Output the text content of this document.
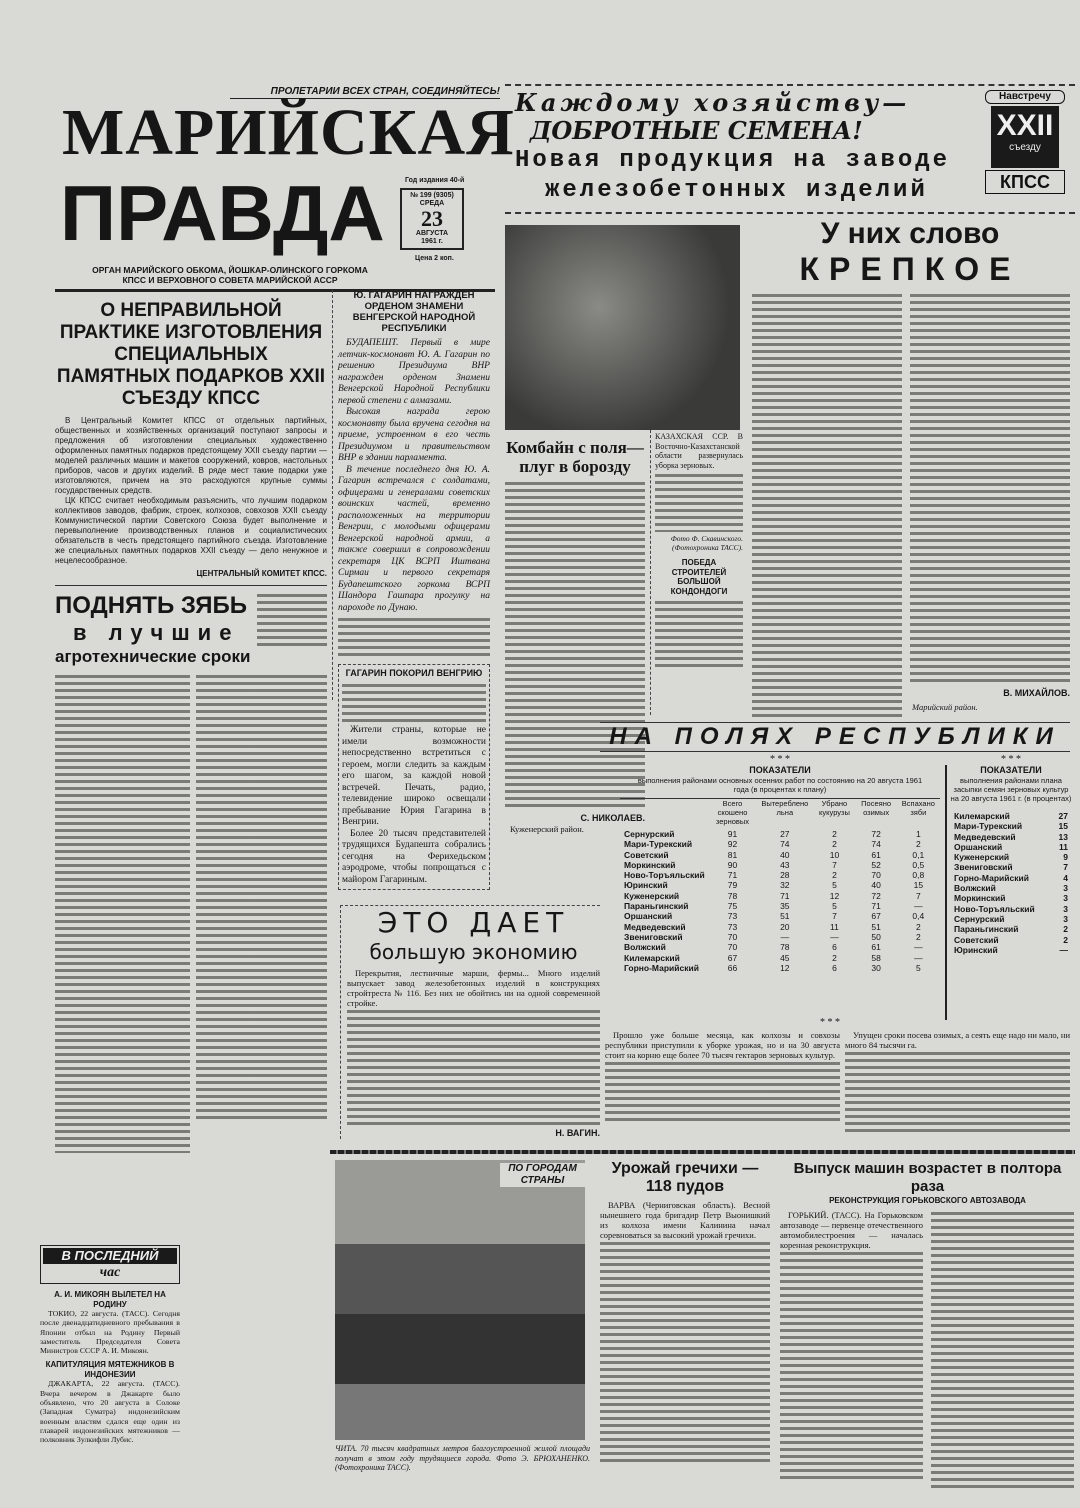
ПРОЛЕТАРИИ ВСЕХ СТРАН, СОЕДИНЯЙТЕСЬ!
МАРИЙСКАЯ
ПРАВДА	Год издания 40-й
№ 199 (9305)
СРЕДА
23
АВГУСТА
1961 г.
Цена 2 коп.
ОРГАН МАРИЙСКОГО ОБКОМА, ЙОШКАР-ОЛИНСКОГО ГОРКОМА КПСС И ВЕРХОВНОГО СОВЕТА МАРИЙСКОЙ АССР
О НЕПРАВИЛЬНОЙ ПРАКТИКЕ ИЗГОТОВЛЕНИЯ СПЕЦИАЛЬНЫХ ПАМЯТНЫХ ПОДАРКОВ XXII СЪЕЗДУ КПСС

В Центральный Комитет КПСС от отдельных партийных, общественных и хозяйственных организаций поступают запросы и предложения об изготовлении специальных художественно оформленных памятных подарков предстоящему XXII съезду партии — моделей различных машин и макетов сооружений, ковров, настольных приборов, часов и других изделий. В ряде мест такие подарки уже изготовляются, причем на это расходуются крупные суммы государственных средств.

ЦК КПСС считает необходимым разъяснить, что лучшим подарком коллективов заводов, фабрик, строек, колхозов, совхозов XXII съезду Коммунистической партии Советского Союза будет выполнение и перевыполнение производственных планов и социалистических обязательств в честь предстоящего партийного съезда. Изготовление же специальных памятных подарков XXII съезду — дело ненужное и нецелесообразное.

ЦЕНТРАЛЬНЫЙ КОМИТЕТ КПСС.

ПОДНЯТЬ ЗЯБЬ
в лучшие
агротехнические сроки
Ю. ГАГАРИН НАГРАЖДЕН ОРДЕНОМ ЗНАМЕНИ ВЕНГЕРСКОЙ НАРОДНОЙ РЕСПУБЛИКИ

БУДАПЕШТ. Первый в мире летчик-космонавт Ю. А. Гагарин по решению Президиума ВНР награжден орденом Знамени Венгерской Народной Республики первой степени с алмазами.

Высокая награда герою космонавту была вручена сегодня на приеме, устроенном в его честь Президиумом и правительством ВНР в здании парламента.

В течение последнего дня Ю. А. Гагарин встречался с солдатами, офицерами и генералами советских воинских частей, временно расположенных на территории Венгрии, с молодыми офицерами Венгерской народной армии, а также совершил в сопровождении секретаря ЦК ВСРП Иштвана Сирмаи и первого секретаря Будапештского горкома ВСРП Шандора Гашпара прогулку на пароходе по Дунаю.

ГАГАРИН ПОКОРИЛ ВЕНГРИЮ

Жители страны, которые не имели возможности непосредственно встретиться с героем, могли следить за каждым его шагом, за каждой новой встречей. Печать, радио, телевидение широко освещали пребывание Юрия Гагарина в Венгрии.

Более 20 тысяч представителей трудящихся Будапешта собрались сегодня на Ферихедьском аэродроме, чтобы попрощаться с майором Гагариным.

Каждому хозяйству—
ДОБРОТНЫЕ СЕМЕНА!
Новая продукция на заводе
железобетонных изделий
Навстречу
XXII
съезду
КПСС
Комбайн с поля— плуг в борозду
С. НИКОЛАЕВ.
Куженерский район.
КАЗАХСКАЯ ССР. В Восточно-Казахстанской области развернулась уборка зерновых.
Фото Ф. Скавинского. (Фотохроника ТАСС).
ПОБЕДА СТРОИТЕЛЕЙ БОЛЬШОЙ КОНДОНДОГИ
У них слово
КРЕПКОЕ
В. МИХАЙЛОВ.
Марийский район.
НА ПОЛЯХ РЕСПУБЛИКИ
* * *
ПОКАЗАТЕЛИ
выполнения районами основных осенних работ по состоянию на 20 августа 1961 года (в процентах к плану)
	Всего скошено зерновых	Вытереблено льна	Убрано кукурузы	Посеяно озимых	Вспахано зяби
Сернурский	91	27	2	72	1
Мари-Турекский	92	74	2	74	2
Советский	81	40	10	61	0,1
Моркинский	90	43	7	52	0,5
Ново-Торъяльский	71	28	2	70	0,8
Юринский	79	32	5	40	15
Куженерский	78	71	12	72	7
Параньгинский	75	35	5	71	—
Оршанский	73	51	7	67	0,4
Медведевский	73	20	11	51	2
Звениговский	70	—	—	50	2
Волжский	70	78	6	61	—
Килемарский	67	45	2	58	—
Горно-Марийский	66	12	6	30	5
* * *
ПОКАЗАТЕЛИ
выполнения районами плана засыпки семян зерновых культур на 20 августа 1961 г. (в процентах)
Килемарский	27
Мари-Турекский	15
Медведевский	13
Оршанский	11
Куженерский	9
Звениговский	7
Горно-Марийский	4
Волжский	3
Моркинский	3
Ново-Торъяльский	3
Сернурский	3
Параньгинский	2
Советский	2
Юринский	—
* * *

Прошло уже больше месяца, как колхозы и совхозы республики приступили к уборке урожая, но и на 30 августа стоит на корню еще более 70 тысяч гектаров зерновых культур.

Упущен сроки посева озимых, а сеять еще надо ни мало, ни много 84 тысячи га.

ЭТО ДАЕТ
большую экономию

Перекрытия, лестничные марши, фермы... Много изделий выпускает завод железобетонных изделий в конструкциях стройтреста № 116. Без них не обойтись ни на одной современной стройке.

Н. ВАГИН.
ПО ГОРОДАМ СТРАНЫ
ЧИТА. 70 тысяч квадратных метров благоустроенной жилой площади получат в этом году трудящиеся города. Фото Э. БРЮХАНЕНКО. (Фотохроника ТАСС).
Урожай гречихи — 118 пудов

ВАРВА (Черниговская область). Весной нынешнего года бригадир Петр Выонишкий из колхоза имени Калинина начал соревноваться за высокий урожай гречихи.

Выпуск машин возрастет в полтора раза
РЕКОНСТРУКЦИЯ ГОРЬКОВСКОГО АВТОЗАВОДА

ГОРЬКИЙ. (ТАСС). На Горьковском автозаводе — первенце отечественного автомобилестроения — началась коренная реконструкция.

В ПОСЛЕДНИЙ
час
А. И. МИКОЯН ВЫЛЕТЕЛ НА РОДИНУ

ТОКИО, 22 августа. (ТАСС). Сегодня после двенадцатидневного пребывания в Японии отбыл на Родину Первый заместитель Председателя Совета Министров СССР А. И. Микоян.

КАПИТУЛЯЦИЯ МЯТЕЖНИКОВ В ИНДОНЕЗИИ

ДЖАКАРТА, 22 августа. (ТАСС). Вчера вечером в Джакарте было объявлено, что 20 августа в Солоке (Западная Суматра) индонезийским военным властям сдался еще один из главарей индонезийских мятежников — полковник Зулкифли Лубис.
